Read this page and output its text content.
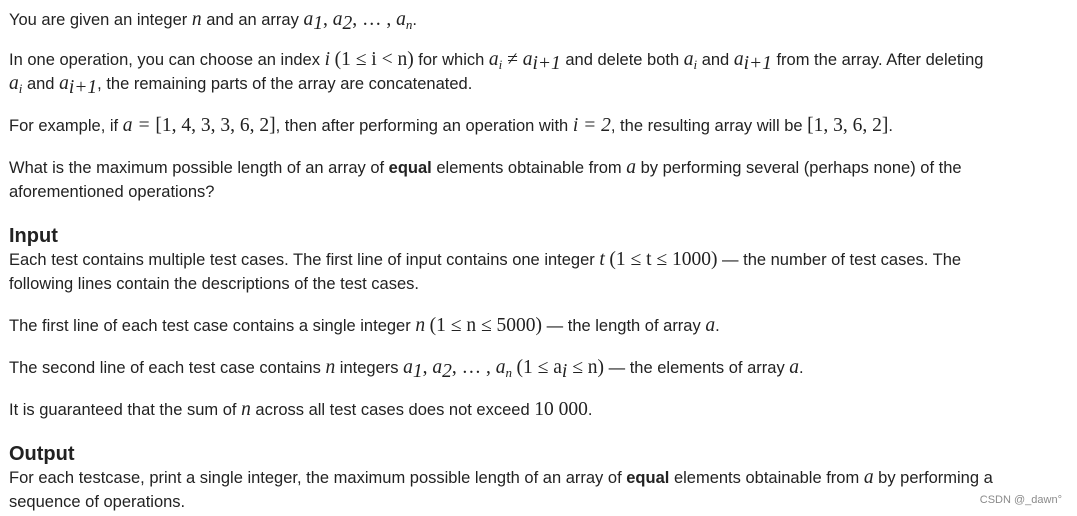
You are given an integer n and an array $a_1$, $a_2$, … , $a_n$.

In one operation, you can choose an index i (1 ≤ i < n) for which $a_i \ne a_{i+1}$ and delete both $a_i$ and $a_{i+1}$ from the array. After deleting

$a_i$ and $a_{i+1}$, the remaining parts of the array are concatenated.

For example, if a = [1, 4, 3, 3, 6, 2], then after performing an operation with i = 2, the resulting array will be [1, 3, 6, 2].

What is the maximum possible length of an array of equal elements obtainable from a by performing several (perhaps none) of the

aforementioned operations?

Input

Each test contains multiple test cases. The first line of input contains one integer t (1 ≤ t ≤ 1000) — the number of test cases. The

following lines contain the descriptions of the test cases.

The first line of each test case contains a single integer n (1 ≤ n ≤ 5000) — the length of array a.

The second line of each test case contains n integers $a_1$, $a_2$, … , $a_n$ $(1 \le a_i \le n)$ — the elements of array a.

It is guaranteed that the sum of n across all test cases does not exceed 10 000.

Output

For each testcase, print a single integer, the maximum possible length of an array of equal elements obtainable from a by performing a

sequence of operations.	CSDN @_dawn°
